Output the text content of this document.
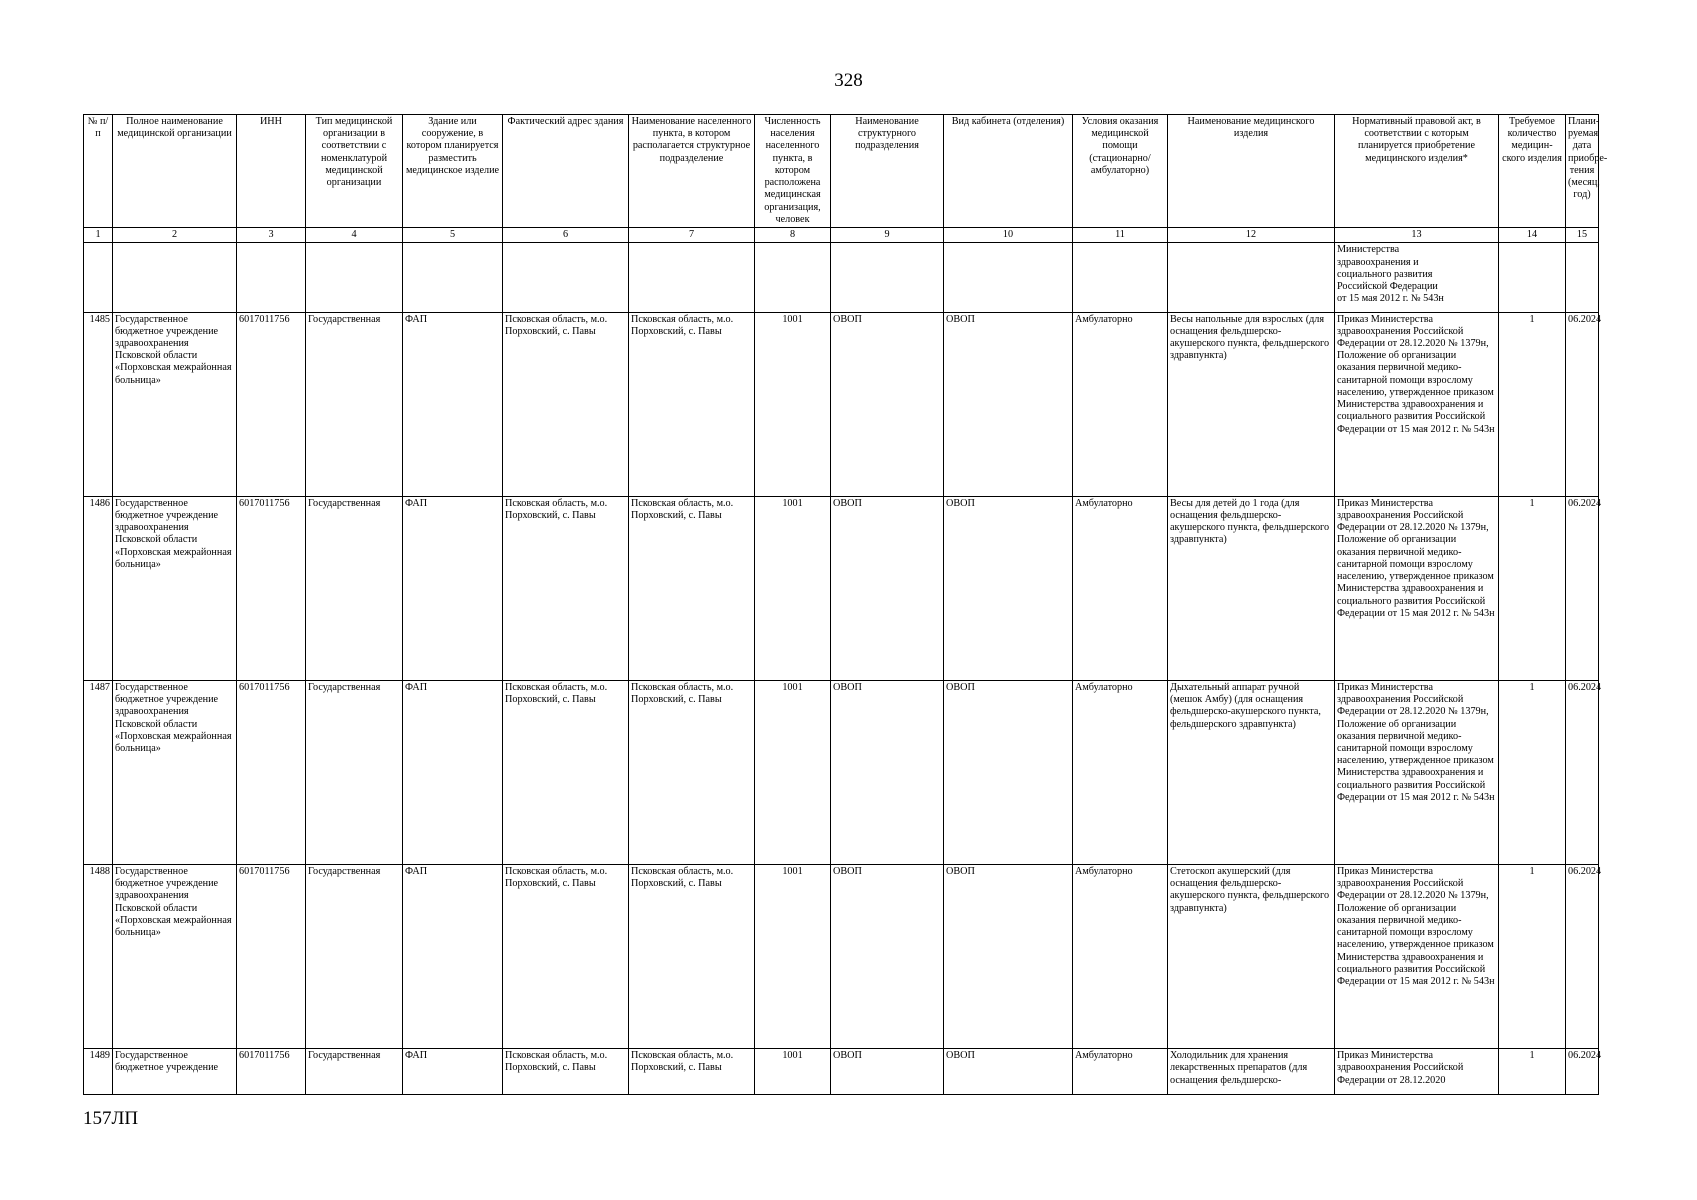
328
№ п/п	Полное наименование медицинской организации	ИНН	Тип медицинской организации в соответствии с номенклатурой медицинской организации	Здание или сооружение, в котором планируется разместить медицинское изделие	Фактический адрес здания	Наименование населенного пункта, в котором располагается структурное подразделение	Численность населения населенного пункта, в котором расположена медицинская организация, человек	Наименование структурного подразделения	Вид кабинета (отделения)	Условия оказания медицинской помощи (стационарно/ амбулаторно)	Наименование медицинского изделия	Нормативный правовой акт, в соответствии с которым планируется приобретение медицинского изделия*	Требуемое количество медицин-ского изделия	Плани-руемая дата приобре-тения (месяц, год)
1	2	3	4	5	6	7	8	9	10	11	12	13	14	15
												Министерства
здравоохранения и
социального развития
Российской Федерации
от 15 мая 2012 г. № 543н		
1485	Государственное бюджетное учреждение здравоохранения Псковской области «Порховская межрайонная больница»	6017011756	Государственная	ФАП	Псковская область, м.о. Порховский, с. Павы	Псковская область, м.о. Порховский, с. Павы	1001	ОВОП	ОВОП	Амбулаторно	Весы напольные для взрослых (для оснащения фельдшерско-акушерского пункта, фельдшерского здравпункта)	Приказ Министерства здравоохранения Российской Федерации от 28.12.2020 № 1379н, Положение об организации оказания первичной медико-санитарной помощи взрослому населению, утвержденное приказом Министерства здравоохранения и социального развития Российской Федерации от 15 мая 2012 г. № 543н	1	06.2024
1486	Государственное бюджетное учреждение здравоохранения Псковской области «Порховская межрайонная больница»	6017011756	Государственная	ФАП	Псковская область, м.о. Порховский, с. Павы	Псковская область, м.о. Порховский, с. Павы	1001	ОВОП	ОВОП	Амбулаторно	Весы для детей до 1 года (для оснащения фельдшерско-акушерского пункта, фельдшерского здравпункта)	Приказ Министерства здравоохранения Российской Федерации от 28.12.2020 № 1379н, Положение об организации оказания первичной медико-санитарной помощи взрослому населению, утвержденное приказом Министерства здравоохранения и социального развития Российской Федерации от 15 мая 2012 г. № 543н	1	06.2024
1487	Государственное бюджетное учреждение здравоохранения Псковской области «Порховская межрайонная больница»	6017011756	Государственная	ФАП	Псковская область, м.о. Порховский, с. Павы	Псковская область, м.о. Порховский, с. Павы	1001	ОВОП	ОВОП	Амбулаторно	Дыхательный аппарат ручной (мешок Амбу) (для оснащения фельдшерско-акушерского пункта, фельдшерского здравпункта)	Приказ Министерства здравоохранения Российской Федерации от 28.12.2020 № 1379н, Положение об организации оказания первичной медико-санитарной помощи взрослому населению, утвержденное приказом Министерства здравоохранения и социального развития Российской Федерации от 15 мая 2012 г. № 543н	1	06.2024
1488	Государственное бюджетное учреждение здравоохранения Псковской области «Порховская межрайонная больница»	6017011756	Государственная	ФАП	Псковская область, м.о. Порховский, с. Павы	Псковская область, м.о. Порховский, с. Павы	1001	ОВОП	ОВОП	Амбулаторно	Стетоскоп акушерский (для оснащения фельдшерско-акушерского пункта, фельдшерского здравпункта)	Приказ Министерства здравоохранения Российской Федерации от 28.12.2020 № 1379н, Положение об организации оказания первичной медико-санитарной помощи взрослому населению, утвержденное приказом Министерства здравоохранения и социального развития Российской Федерации от 15 мая 2012 г. № 543н	1	06.2024
1489	Государственное бюджетное учреждение	6017011756	Государственная	ФАП	Псковская область, м.о. Порховский, с. Павы	Псковская область, м.о. Порховский, с. Павы	1001	ОВОП	ОВОП	Амбулаторно	Холодильник для хранения лекарственных препаратов (для оснащения фельдшерско-	Приказ Министерства здравоохранения Российской Федерации от 28.12.2020	1	06.2024
157ЛП
